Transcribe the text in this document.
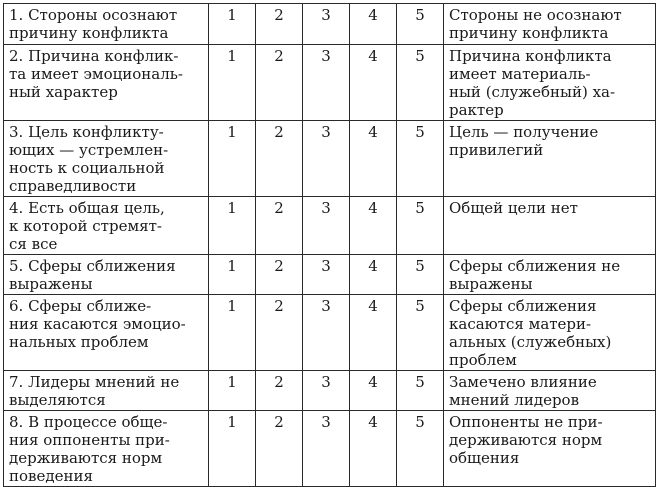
1. Стороны осознают
причину конфликта	1	2	3	4	5	Стороны не осознают
причину конфликта
2. Причина конфлик-
та имеет эмоциональ-
ный характер	1	2	3	4	5	Причина конфликта
имеет материаль-
ный (служебный) ха-
рактер
3. Цель конфликту-
ющих — устремлен-
ность к социальной
справедливости	1	2	3	4	5	Цель — получение
привилегий
4. Есть общая цель,
к которой стремят-
ся все	1	2	3	4	5	Общей цели нет
5. Сферы сближения
выражены	1	2	3	4	5	Сферы сближения не
выражены
6. Сферы сближе-
ния касаются эмоцио-
нальных проблем	1	2	3	4	5	Сферы сближения
касаются матери-
альных (служебных)
проблем
7. Лидеры мнений не
выделяются	1	2	3	4	5	Замечено влияние
мнений лидеров
8. В процессе обще-
ния оппоненты при-
держиваются норм
поведения	1	2	3	4	5	Оппоненты не при-
держиваются норм
общения
